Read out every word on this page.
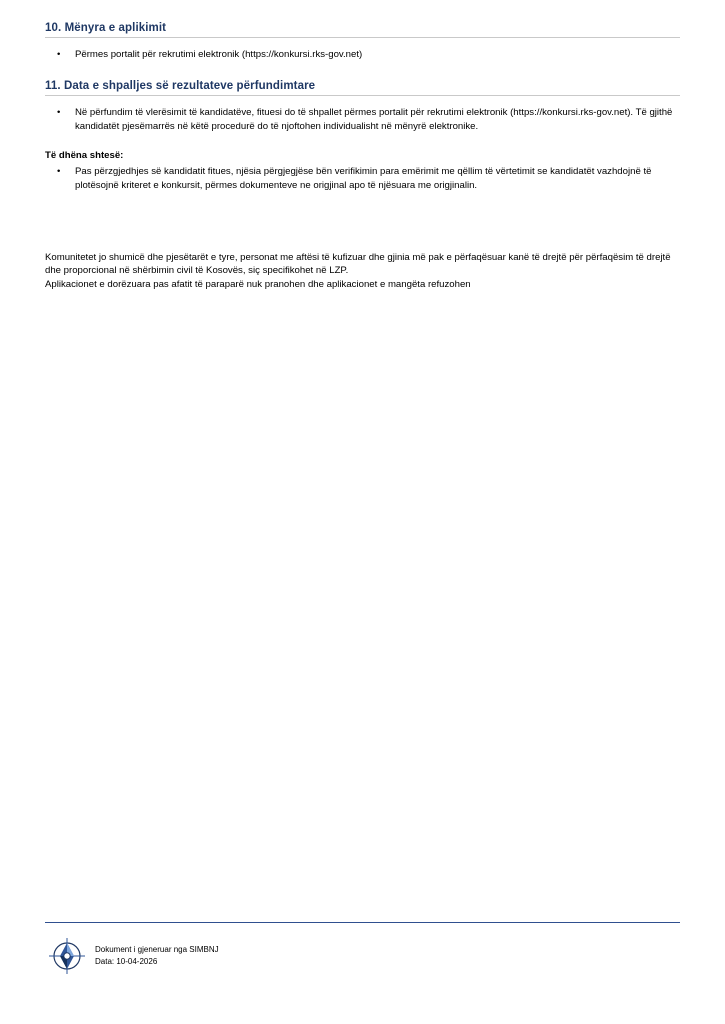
10. Mënyra e aplikimit
•	Përmes portalit për rekrutimi elektronik (https://konkursi.rks-gov.net)
11. Data e shpalljes së rezultateve përfundimtare
•	Në përfundim të vlerësimit të kandidatëve, fituesi do të shpallet përmes portalit për rekrutimi elektronik (https://konkursi.rks-gov.net). Të gjithë kandidatët pjesëmarrës në këtë procedurë do të njoftohen individualisht në mënyrë elektronike.
Të dhëna shtesë:
•	Pas përzgjedhjes së kandidatit fitues, njësia përgjegjëse bën verifikimin para emërimit me qëllim të vërtetimit se kandidatët vazhdojnë të plotësojnë kriteret e konkursit, përmes dokumenteve ne origjinal apo të njësuara me origjinalin.

Komunitetet jo shumicë dhe pjesëtarët e tyre, personat me aftësi të kufizuar dhe gjinia më pak e përfaqësuar kanë të drejtë për përfaqësim të drejtë dhe proporcional në shërbimin civil të Kosovës, siç specifikohet në LZP.

Aplikacionet e dorëzuara pas afatit të paraparë nuk pranohen dhe aplikacionet e mangëta refuzohen

Dokument i gjeneruar nga SIMBNJ
Data: 10-04-2026
